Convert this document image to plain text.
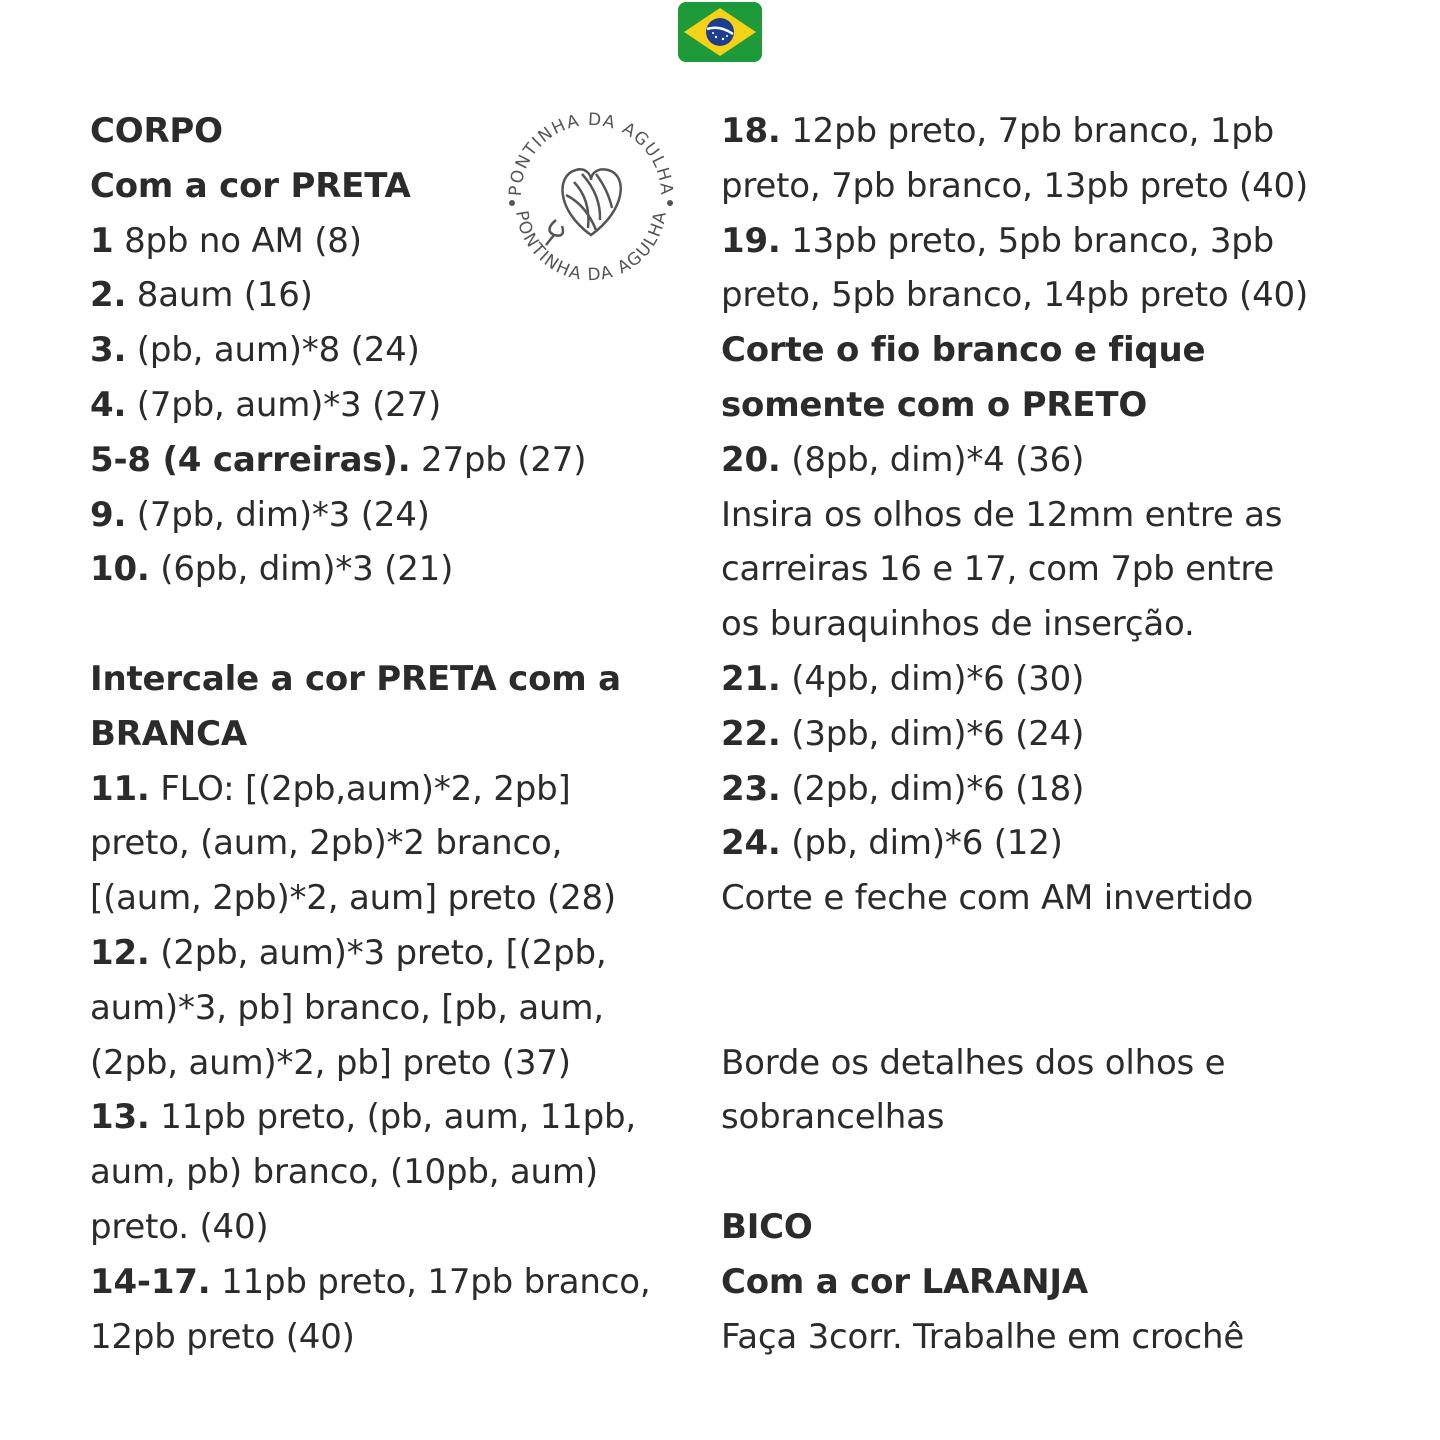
PONTINHA DA AGULHA
PONTINHA DA AGULHA
CORPO
Com a cor PRETA
1 8pb no AM (8)
2. 8aum (16)
3. (pb, aum)*8 (24)
4. (7pb, aum)*3 (27)
5-8 (4 carreiras). 27pb (27)
9. (7pb, dim)*3 (24)
10. (6pb, dim)*3 (21)
Intercale a cor PRETA com a
BRANCA
11. FLO: [(2pb,aum)*2, 2pb]
preto, (aum, 2pb)*2 branco,
[(aum, 2pb)*2, aum] preto (28)
12. (2pb, aum)*3 preto, [(2pb,
aum)*3, pb] branco, [pb, aum,
(2pb, aum)*2, pb] preto (37)
13. 11pb preto, (pb, aum, 11pb,
aum, pb) branco, (10pb, aum)
preto. (40)
14-17. 11pb preto, 17pb branco,
12pb preto (40)
18. 12pb preto, 7pb branco, 1pb
preto, 7pb branco, 13pb preto (40)
19. 13pb preto, 5pb branco, 3pb
preto, 5pb branco, 14pb preto (40)
Corte o fio branco e fique
somente com o PRETO
20. (8pb, dim)*4 (36)
Insira os olhos de 12mm entre as
carreiras 16 e 17, com 7pb entre
os buraquinhos de inserção.
21. (4pb, dim)*6 (30)
22. (3pb, dim)*6 (24)
23. (2pb, dim)*6 (18)
24. (pb, dim)*6 (12)
Corte e feche com AM invertido
Borde os detalhes dos olhos e
sobrancelhas
BICO
Com a cor LARANJA
Faça 3corr. Trabalhe em crochê
